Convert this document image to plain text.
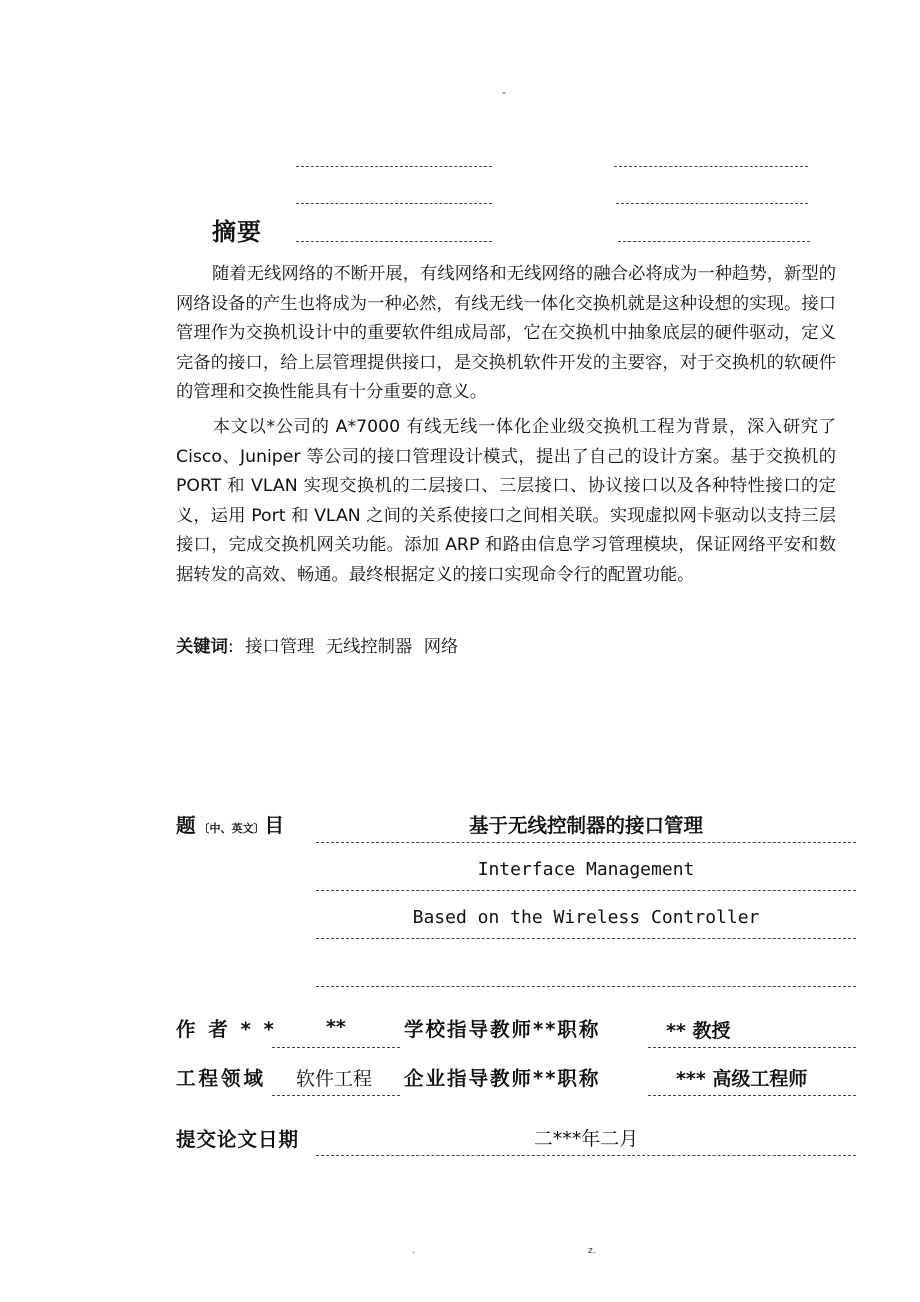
-
摘要
随着无线网络的不断开展，有线网络和无线网络的融合必将成为一种趋势，新型的网络设备的产生也将成为一种必然，有线无线一体化交换机就是这种设想的实现。接口管理作为交换机设计中的重要软件组成局部，它在交换机中抽象底层的硬件驱动，定义完备的接口，给上层管理提供接口，是交换机软件开发的主要容，对于交换机的软硬件的管理和交换性能具有十分重要的意义。
本文以*公司的 A*7000 有线无线一体化企业级交换机工程为背景，深入研究了 Cisco、Juniper 等公司的接口管理设计模式，提出了自己的设计方案。基于交换机的 PORT 和 VLAN 实现交换机的二层接口、三层接口、协议接口以及各种特性接口的定义，运用 Port 和 VLAN 之间的关系使接口之间相关联。实现虚拟网卡驱动以支持三层接口，完成交换机网关功能。添加 ARP 和路由信息学习管理模块，保证网络平安和数据转发的高效、畅通。最终根据定义的接口实现命令行的配置功能。
关键词: 接口管理 无线控制器 网络
题〔中、英文〕目	基于无线控制器的接口管理
Interface Management
Based on the Wireless Controller
作 者 * *	**	学校指导教师**职称	** 教授
工程领域 软件工程 企业指导教师**职称	*** 高级工程师
提交论文日期	二***年二月
.	z.
